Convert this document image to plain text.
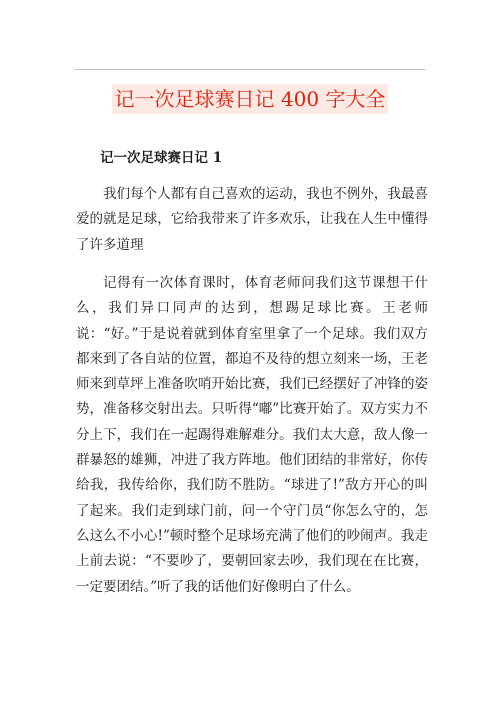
记一次足球赛日记 400 字大全
记一次足球赛日记 1

我们每个人都有自己喜欢的运动，我也不例外，我最喜爱的就是足球，它给我带来了许多欢乐，让我在人生中懂得了许多道理

记得有一次体育课时，体育老师问我们这节课想干什么，我们异口同声的达到，想踢足球比赛。王老师说：“好。”于是说着就到体育室里拿了一个足球。我们双方都来到了各自站的位置，都迫不及待的想立刻来一场，王老师来到草坪上准备吹哨开始比赛，我们已经摆好了冲锋的姿势，准备移交射出去。只听得“嘟”比赛开始了。双方实力不分上下，我们在一起踢得难解难分。我们太大意，敌人像一群暴怒的雄狮，冲进了我方阵地。他们团结的非常好，你传给我，我传给你，我们防不胜防。“球进了!”敌方开心的叫了起来。我们走到球门前，问一个守门员“你怎么守的，怎么这么不小心!”顿时整个足球场充满了他们的吵闹声。我走上前去说：“不要吵了，要朝回家去吵，我们现在在比赛，一定要团结。”听了我的话他们好像明白了什么。
